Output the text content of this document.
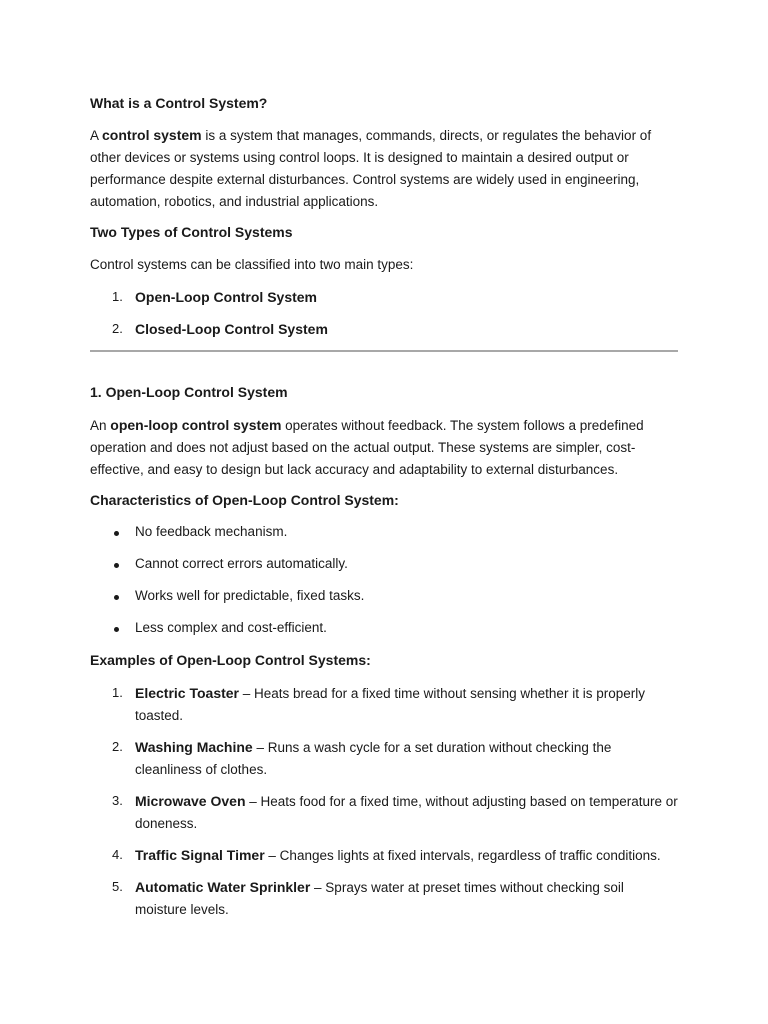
What is a Control System?

A control system is a system that manages, commands, directs, or regulates the behavior of other devices or systems using control loops. It is designed to maintain a desired output or performance despite external disturbances. Control systems are widely used in engineering, automation, robotics, and industrial applications.

Two Types of Control Systems

Control systems can be classified into two main types:

1. Open-Loop Control System
2. Closed-Loop Control System
1. Open-Loop Control System

An open-loop control system operates without feedback. The system follows a predefined operation and does not adjust based on the actual output. These systems are simpler, cost-effective, and easy to design but lack accuracy and adaptability to external disturbances.

Characteristics of Open-Loop Control System:
No feedback mechanism.
Cannot correct errors automatically.
Works well for predictable, fixed tasks.
Less complex and cost-efficient.
Examples of Open-Loop Control Systems:
1. Electric Toaster – Heats bread for a fixed time without sensing whether it is properly toasted.
2. Washing Machine – Runs a wash cycle for a set duration without checking the cleanliness of clothes.
3. Microwave Oven – Heats food for a fixed time, without adjusting based on temperature or doneness.
4. Traffic Signal Timer – Changes lights at fixed intervals, regardless of traffic conditions.
5. Automatic Water Sprinkler – Sprays water at preset times without checking soil moisture levels.
